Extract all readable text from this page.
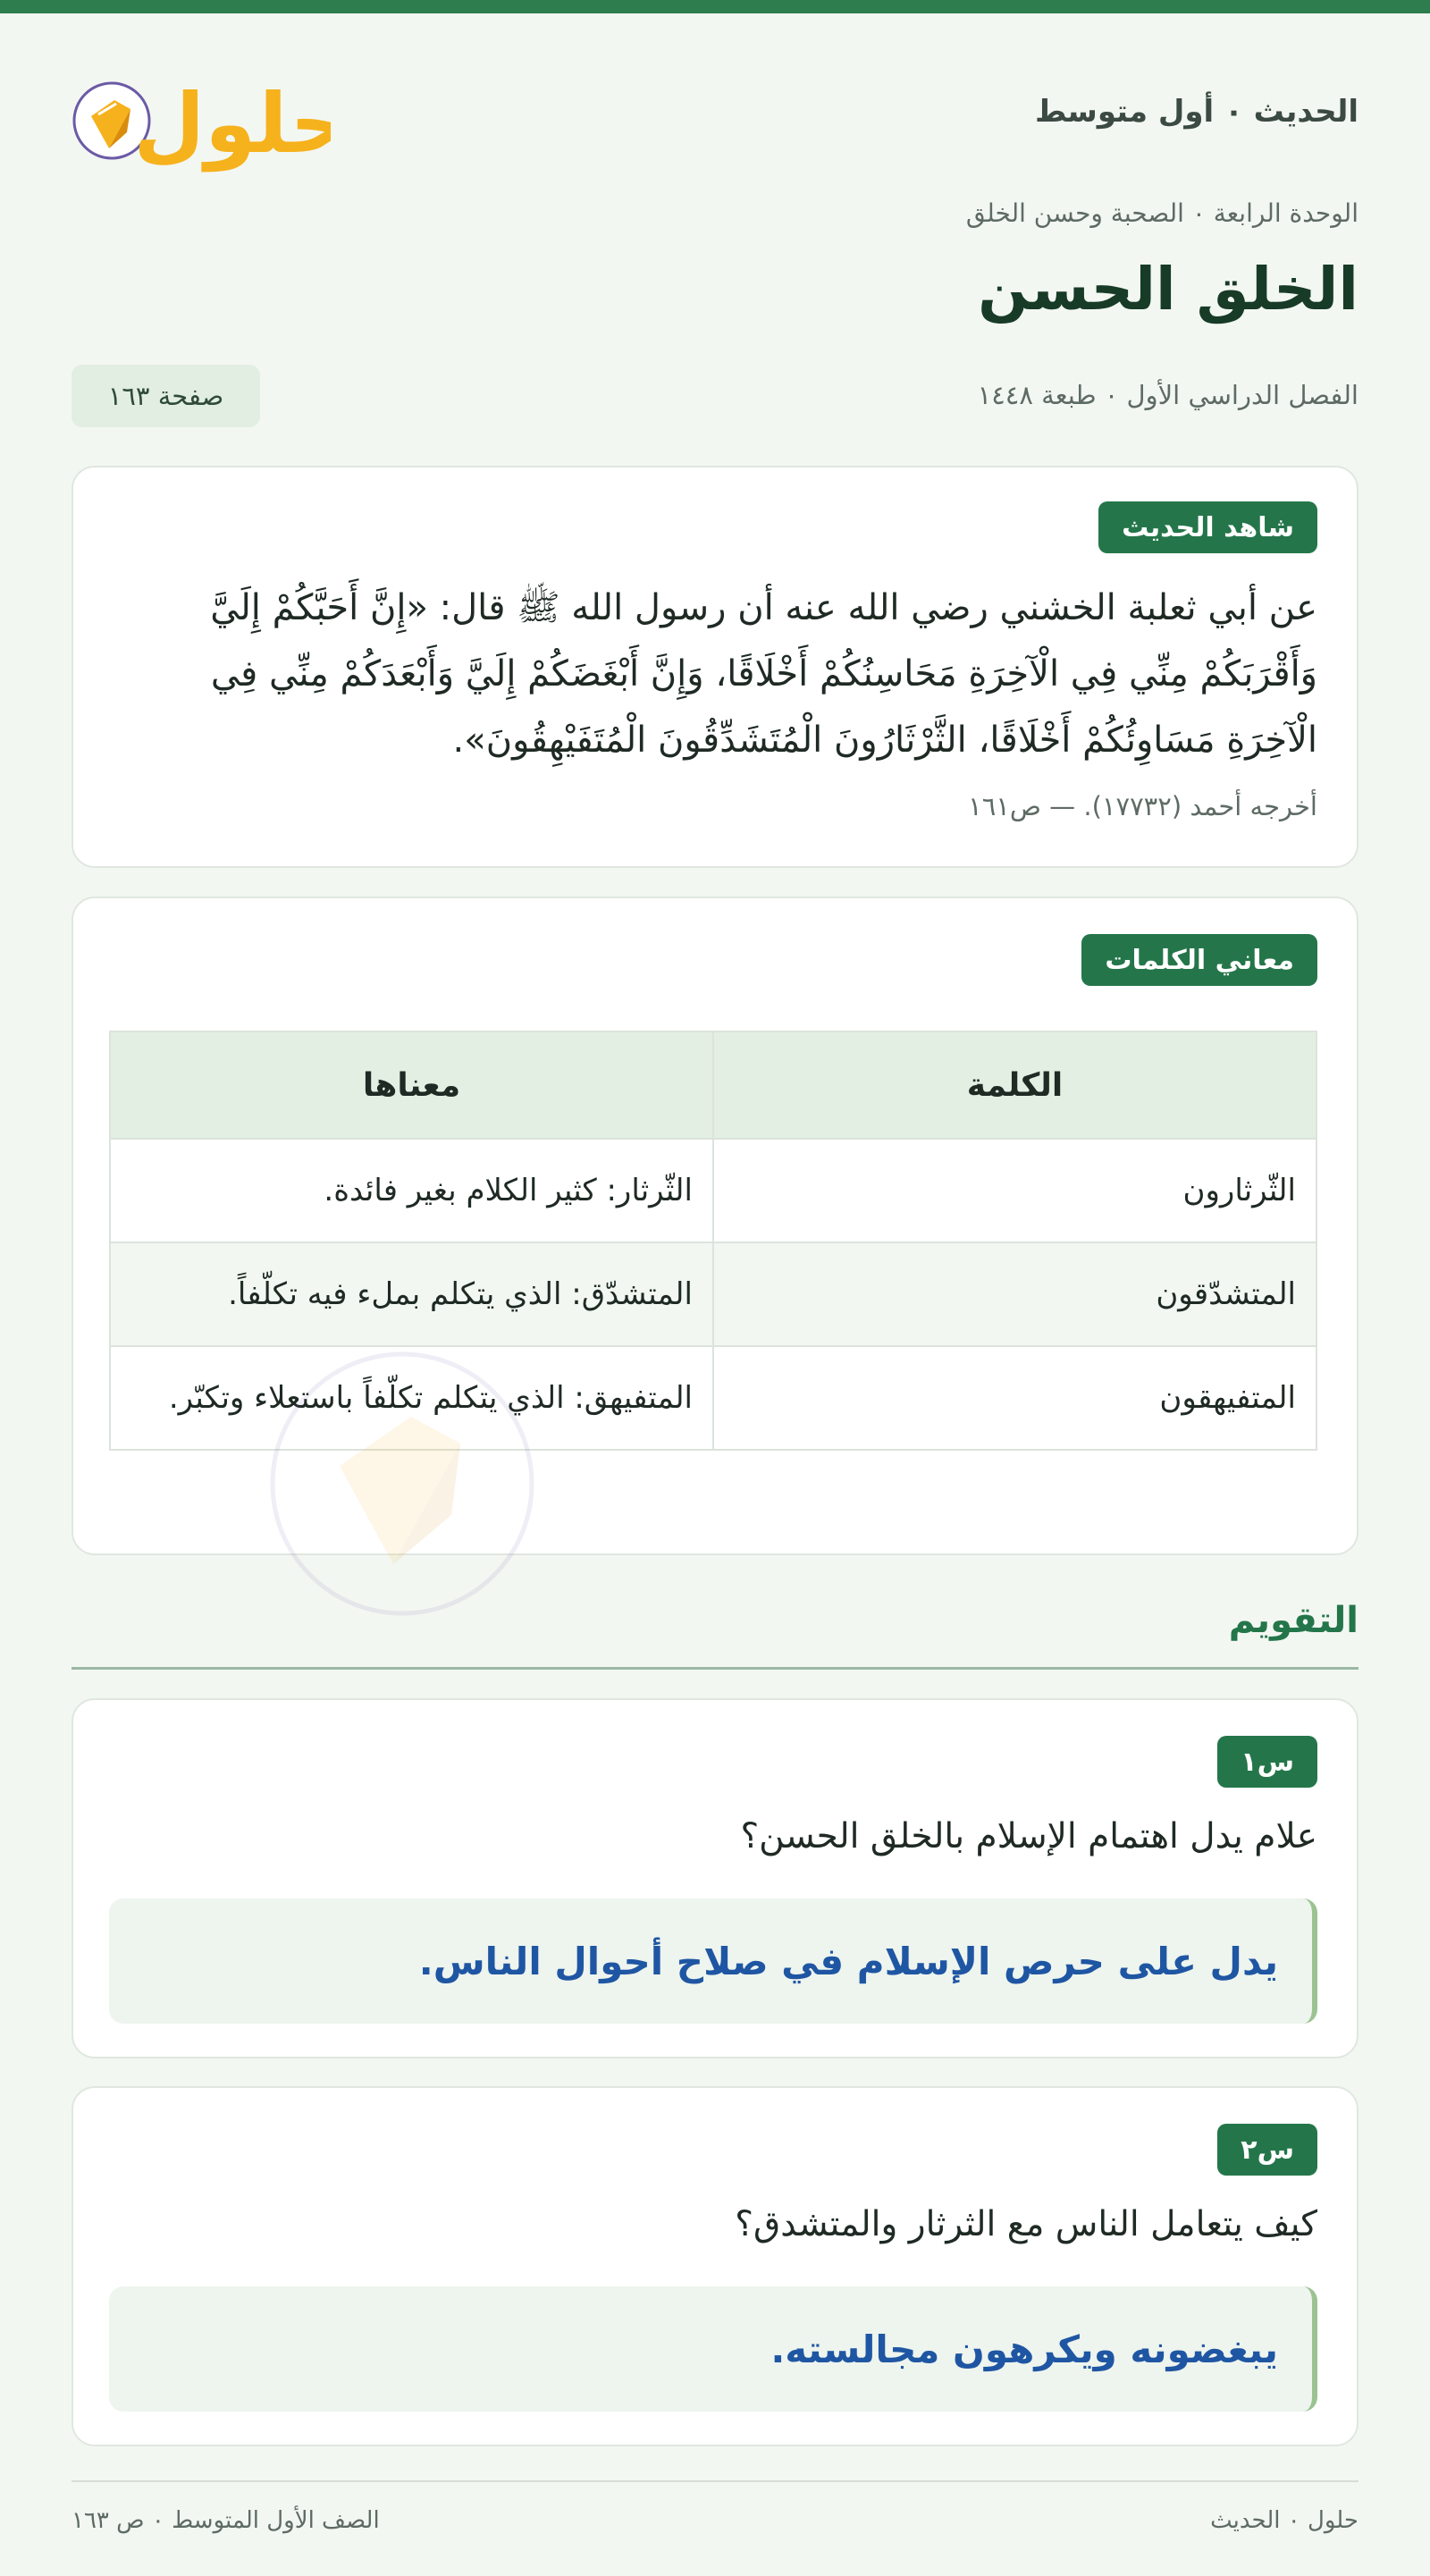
الحديث ٠ أول متوسط
حلول
الوحدة الرابعة ٠ الصحبة وحسن الخلق
الخلق الحسن
الفصل الدراسي الأول ٠ طبعة ١٤٤٨
صفحة ١٦٣
شاهد الحديث
عن أبي ثعلبة الخشني رضي الله عنه أن رسول الله ﷺ قال: «إِنَّ أَحَبَّكُمْ إِلَيَّ وَأَقْرَبَكُمْ مِنِّي فِي الْآخِرَةِ مَحَاسِنُكُمْ أَخْلَاقًا، وَإِنَّ أَبْغَضَكُمْ إِلَيَّ وَأَبْعَدَكُمْ مِنِّي فِي الْآخِرَةِ مَسَاوِئُكُمْ أَخْلَاقًا، الثَّرْثَارُونَ الْمُتَشَدِّقُونَ الْمُتَفَيْهِقُونَ».
أخرجه أحمد (١٧٧٣٢). — ص١٦١
معاني الكلمات
الكلمة	معناها
الثّرثارون	الثّرثار: كثير الكلام بغير فائدة.
المتشدّقون	المتشدّق: الذي يتكلم بملء فيه تكلّفاً.
المتفيهقون	المتفيهق: الذي يتكلم تكلّفاً باستعلاء وتكبّر.
التقويم
س١
علام يدل اهتمام الإسلام بالخلق الحسن؟
يدل على حرص الإسلام في صلاح أحوال الناس.
س٢
كيف يتعامل الناس مع الثرثار والمتشدق؟
يبغضونه ويكرهون مجالسته.
حلول ٠ الحديث
الصف الأول المتوسط ٠ ص ١٦٣
